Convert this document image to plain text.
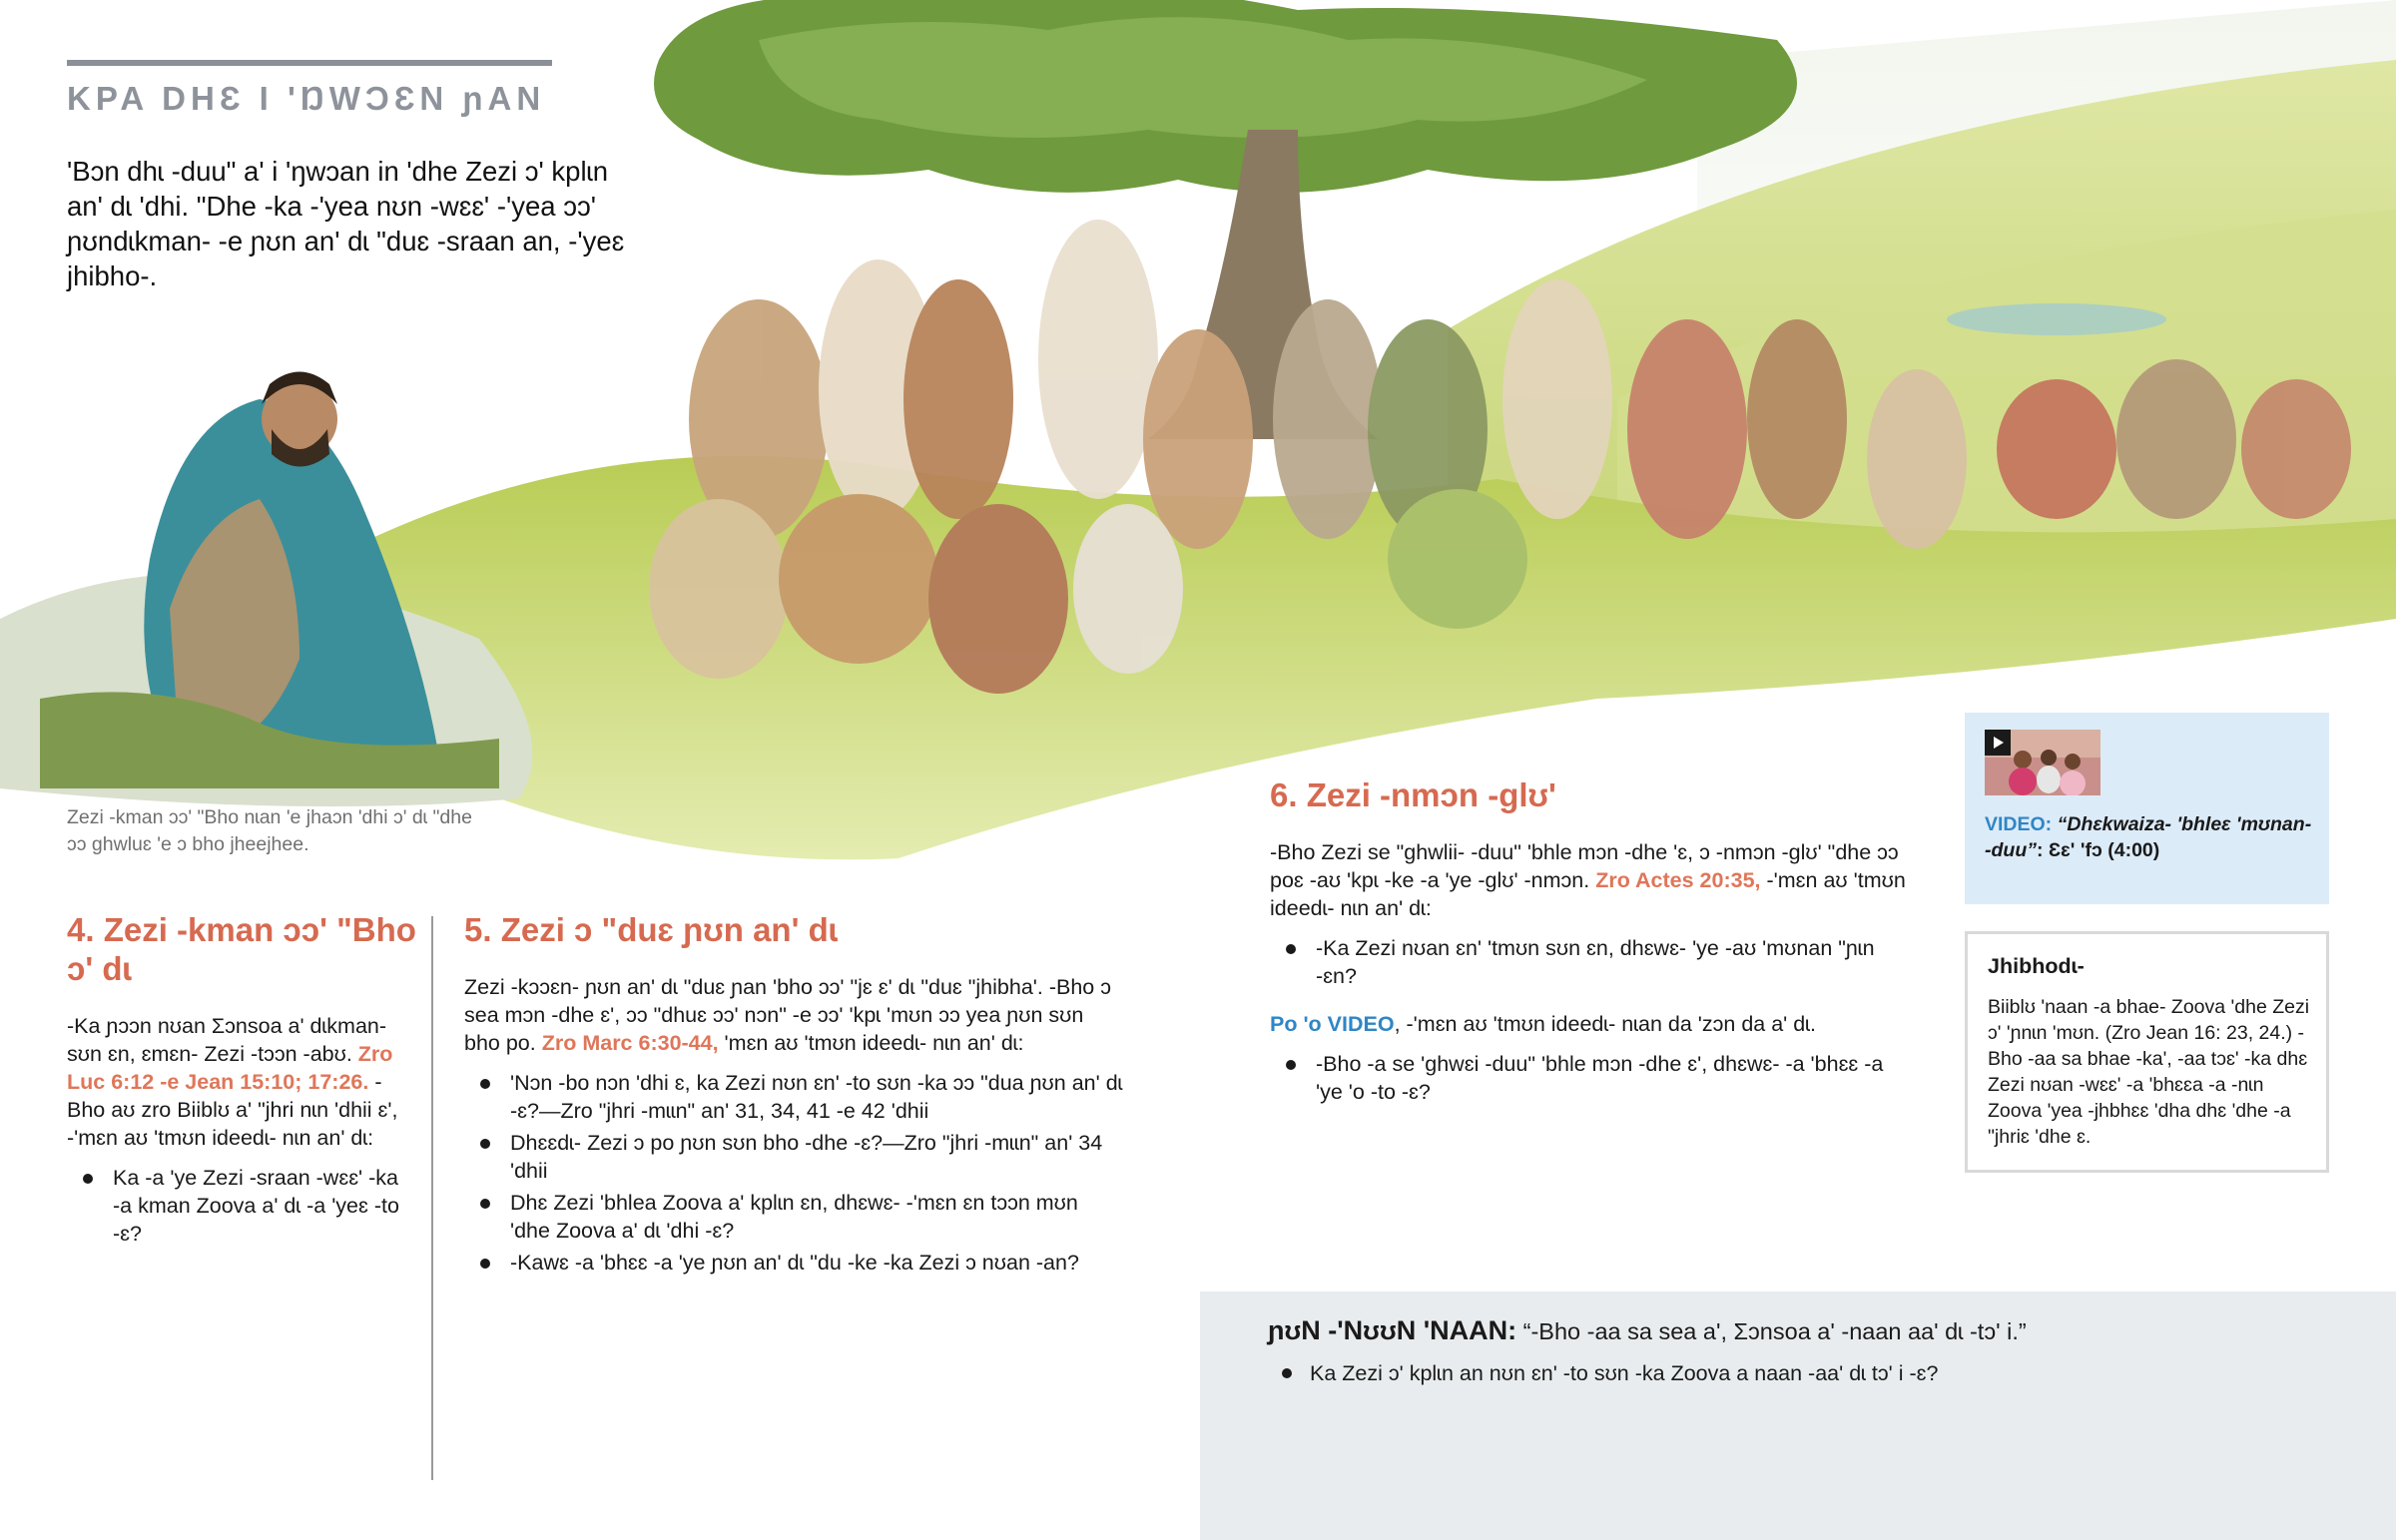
KPA DHƐ I 'ŊWƆƐN ɲAN

'Bɔn dhɩ -duu" a' i 'ŋwɔan in 'dhe Zezi ɔ' kplɩn an' dɩ 'dhi. "Dhe -ka -'yea nʊn -wɛɛ' -'yea ɔɔ' ɲʊndɩkman- -e ɲʊn an' dɩ "duɛ -sraan an, -'yeɛ jhibho-.

Zezi -kman ɔɔ' "Bho nɩan 'e jhaɔn 'dhi ɔ' dɩ "dhe ɔɔ ghwluɛ 'e ɔ bho jheejhee.

4. Zezi -kman ɔɔ' "Bho ɔ' dɩ

-Ka ɲɔɔn nʊan Ʃɔnsoa a' dɩkman- sʊn ɛn, ɛmɛn- Zezi -tɔɔn -abʊ. Zro Luc 6:12 -e Jean 15:10; 17:26. -Bho aʊ zro Biiblʊ a' "jhri nɩn 'dhii ɛ', -'mɛn aʊ 'tmʊn ideedɩ- nɩn an' dɩ:

Ka -a 'ye Zezi -sraan -wɛɛ' -ka -a kman Zoova a' dɩ -a 'yeɛ -to -ɛ?
5. Zezi ɔ "duɛ ɲʊn an' dɩ

Zezi -kɔɔɛn- ɲʊn an' dɩ "duɛ ɲan 'bho ɔɔ' "jɛ ɛ' dɩ "duɛ "jhibha'. -Bho ɔ sea mɔn -dhe ɛ', ɔɔ "dhuɛ ɔɔ' nɔn" -e ɔɔ' 'kpɩ 'mʊn ɔɔ yea ɲʊn sʊn bho po. Zro Marc 6:30-44, 'mɛn aʊ 'tmʊn ideedɩ- nɩn an' dɩ:

'Nɔn -bo nɔn 'dhi ɛ, ka Zezi nʊn ɛn' -to sʊn -ka ɔɔ "dua ɲʊn an' dɩ -ɛ?—Zro "jhri -mɩɩn" an' 31, 34, 41 -e 42 'dhii
Dhɛɛdɩ- Zezi ɔ po ɲʊn sʊn bho -dhe -ɛ?—Zro "jhri -mɩɩn" an' 34 'dhii
Dhɛ Zezi 'bhlea Zoova a' kplɩn ɛn, dhɛwɛ- -'mɛn ɛn tɔɔn mʊn 'dhe Zoova a' dɩ 'dhi -ɛ?
-Kawɛ -a 'bhɛɛ -a 'ye ɲʊn an' dɩ "du -ke -ka Zezi ɔ nʊan -an?
6. Zezi -nmɔn -glʊ'

-Bho Zezi se "ghwlii- -duu" 'bhle mɔn -dhe 'ɛ, ɔ -nmɔn -glʊ' "dhe ɔɔ poɛ -aʊ 'kpɩ -ke -a 'ye -glʊ' -nmɔn. Zro Actes 20:35, -'mɛn aʊ 'tmʊn ideedɩ- nɩn an' dɩ:

-Ka Zezi nʊan ɛn' 'tmʊn sʊn ɛn, dhɛwɛ- 'ye -aʊ 'mʊnan "ɲɩn -ɛn?

Po 'o VIDEO, -'mɛn aʊ 'tmʊn ideedɩ- nɩan da 'zɔn da a' dɩ.

-Bho -a se 'ghwɛi -duu" 'bhle mɔn -dhe ɛ', dhɛwɛ- -a 'bhɛɛ -a 'ye 'o -to -ɛ?
VIDEO: “Dhɛkwaiza- 'bhleɛ 'mʊnan- -duu”: Ɛɛ' 'fɔ (4:00)
Jhibhodɩ-
Biiblʊ 'naan -a bhae- Zoova 'dhe Zezi ɔ' 'ɲnɩn 'mʊn. (Zro Jean 16: 23, 24.) -Bho -aa sa bhae -ka', -aa tɔɛ' -ka dhɛ Zezi nʊan -wɛɛ' -a 'bhɛɛa -a -nɩn Zoova 'yea -jhbhɛɛ 'dha dhɛ 'dhe -a "jhriɛ 'dhe ɛ.
ɲʊN -'NʊʊN 'NAAN: “-Bho -aa sa sea a', Ʃɔnsoa a' -naan aa' dɩ -tɔ' i.”
Ka Zezi ɔ' kplɩn an nʊn ɛn' -to sʊn -ka Zoova a naan -aa' dɩ tɔ' i -ɛ?
